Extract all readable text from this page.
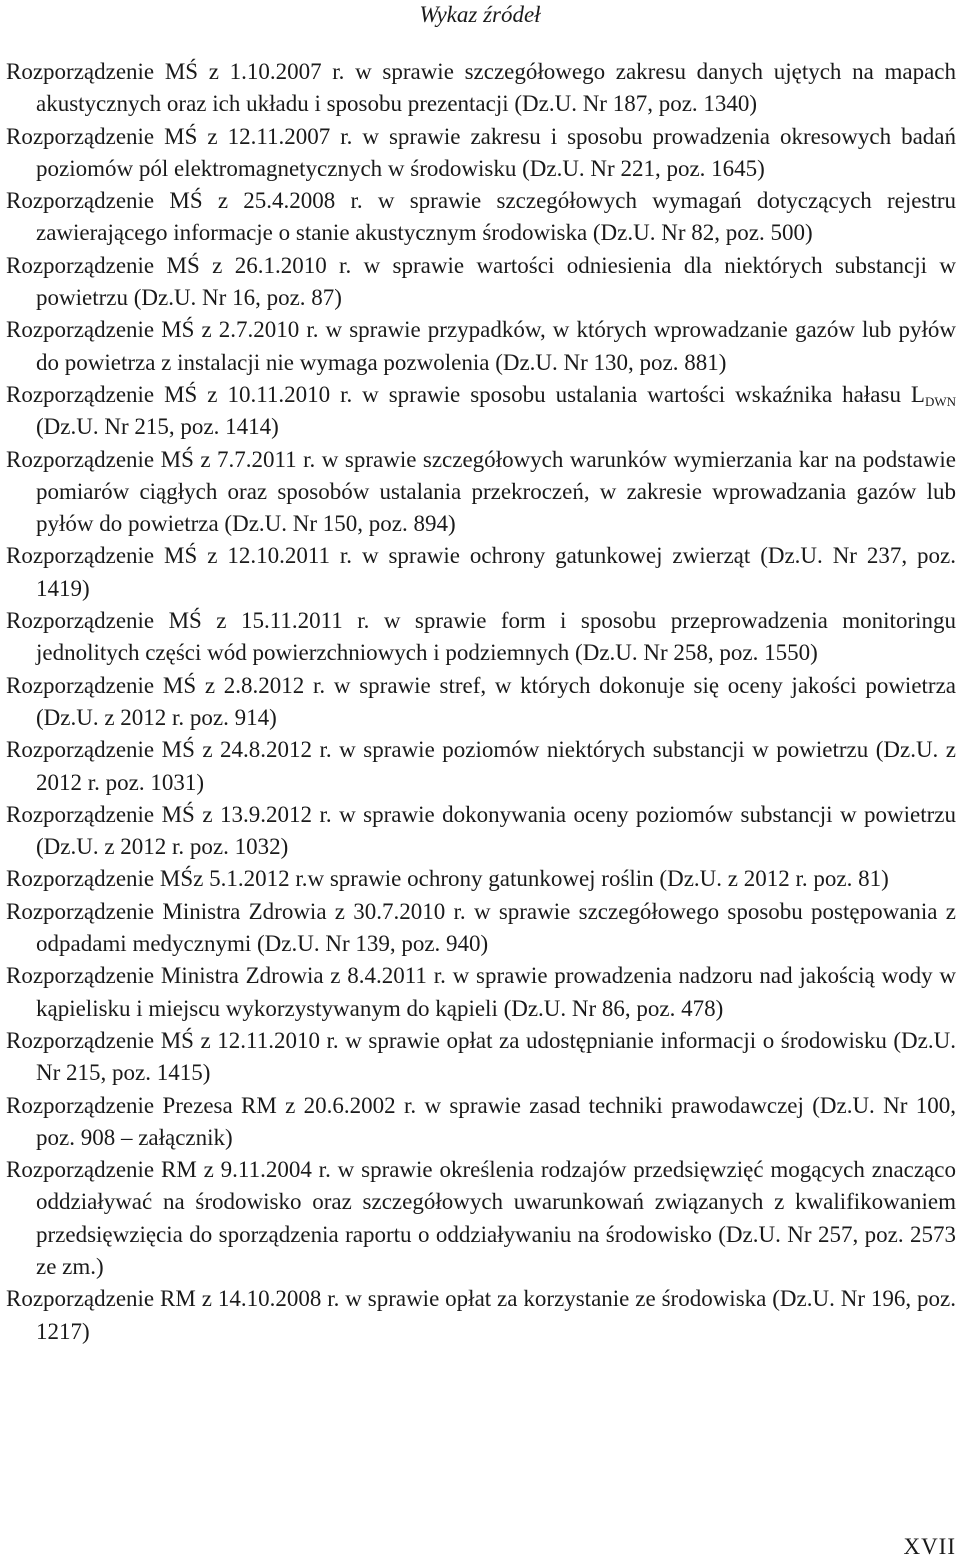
Wykaz źródeł
Rozporządzenie MŚ z 1.10.2007 r. w sprawie szczegółowego zakresu danych ujętych na mapach akustycznych oraz ich układu i sposobu prezentacji (Dz.U. Nr 187, poz. 1340)
Rozporządzenie MŚ z 12.11.2007 r. w sprawie zakresu i sposobu prowadzenia okresowych badań poziomów pól elektromagnetycznych w środowisku (Dz.U. Nr 221, poz. 1645)
Rozporządzenie MŚ z 25.4.2008 r. w sprawie szczegółowych wymagań dotyczących rejestru zawierającego informacje o stanie akustycznym środowiska (Dz.U. Nr 82, poz. 500)
Rozporządzenie MŚ z 26.1.2010 r. w sprawie wartości odniesienia dla niektórych substancji w powietrzu (Dz.U. Nr 16, poz. 87)
Rozporządzenie MŚ z 2.7.2010 r. w sprawie przypadków, w których wprowadzanie gazów lub pyłów do powietrza z instalacji nie wymaga pozwolenia (Dz.U. Nr 130, poz. 881)
Rozporządzenie MŚ z 10.11.2010 r. w sprawie sposobu ustalania wartości wskaźnika hałasu $L_{DWN}$ (Dz.U. Nr 215, poz. 1414)
Rozporządzenie MŚ z 7.7.2011 r. w sprawie szczegółowych warunków wymierzania kar na podstawie pomiarów ciągłych oraz sposobów ustalania przekroczeń, w zakresie wprowadzania gazów lub pyłów do powietrza (Dz.U. Nr 150, poz. 894)
Rozporządzenie MŚ z 12.10.2011 r. w sprawie ochrony gatunkowej zwierząt (Dz.U. Nr 237, poz. 1419)
Rozporządzenie MŚ z 15.11.2011 r. w sprawie form i sposobu przeprowadzenia monitoringu jednolitych części wód powierzchniowych i podziemnych (Dz.U. Nr 258, poz. 1550)
Rozporządzenie MŚ z 2.8.2012 r. w sprawie stref, w których dokonuje się oceny jakości powietrza (Dz.U. z 2012 r. poz. 914)
Rozporządzenie MŚ z 24.8.2012 r. w sprawie poziomów niektórych substancji w powietrzu (Dz.U. z 2012 r. poz. 1031)
Rozporządzenie MŚ z 13.9.2012 r. w sprawie dokonywania oceny poziomów substancji w powietrzu (Dz.U. z 2012 r. poz. 1032)
Rozporządzenie MŚz 5.1.2012 r.w sprawie ochrony gatunkowej roślin (Dz.U. z 2012 r. poz. 81)
Rozporządzenie Ministra Zdrowia z 30.7.2010 r. w sprawie szczegółowego sposobu postępowania z odpadami medycznymi (Dz.U. Nr 139, poz. 940)
Rozporządzenie Ministra Zdrowia z 8.4.2011 r. w sprawie prowadzenia nadzoru nad jakością wody w kąpielisku i miejscu wykorzystywanym do kąpieli (Dz.U. Nr 86, poz. 478)
Rozporządzenie MŚ z 12.11.2010 r. w sprawie opłat za udostępnianie informacji o środowisku (Dz.U. Nr 215, poz. 1415)
Rozporządzenie Prezesa RM z 20.6.2002 r. w sprawie zasad techniki prawodawczej (Dz.U. Nr 100, poz. 908 – załącznik)
Rozporządzenie RM z 9.11.2004 r. w sprawie określenia rodzajów przedsięwzięć mogących znacząco oddziaływać na środowisko oraz szczegółowych uwarunkowań związanych z kwalifikowaniem przedsięwzięcia do sporządzenia raportu o oddziaływaniu na środowisko (Dz.U. Nr 257, poz. 2573 ze zm.)
Rozporządzenie RM z 14.10.2008 r. w sprawie opłat za korzystanie ze środowiska (Dz.U. Nr 196, poz. 1217)
XVII
